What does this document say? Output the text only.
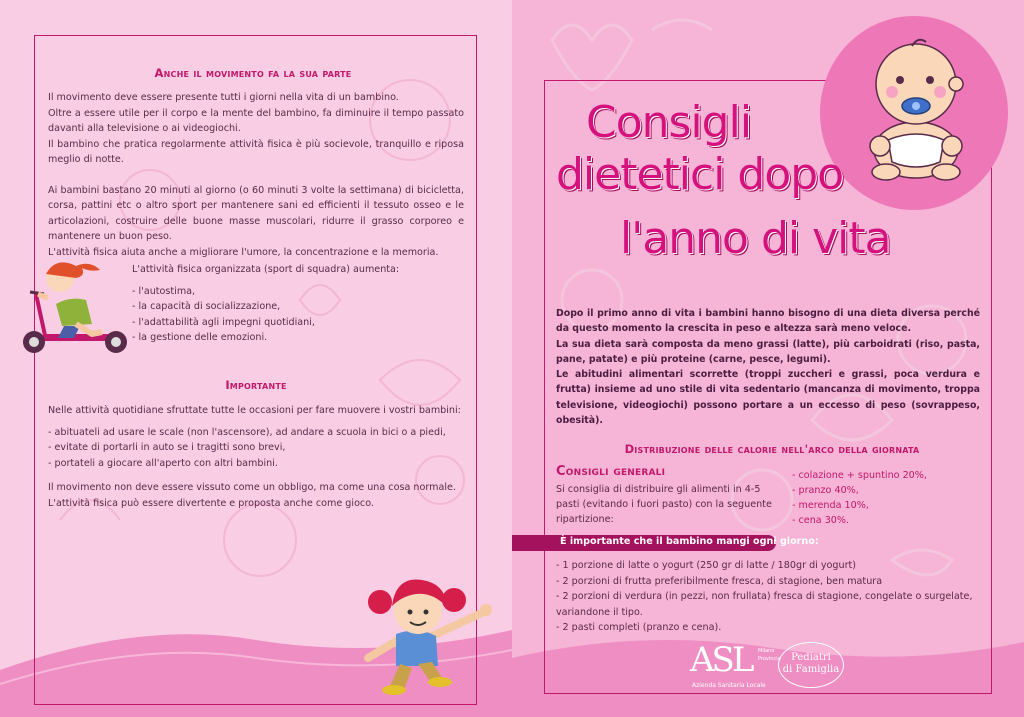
Anche il movimento fa la sua parte

Il movimento deve essere presente tutti i giorni nella vita di un bambino.

Oltre a essere utile per il corpo e la mente del bambino, fa diminuire il tempo passato davanti alla televisione o ai videogiochi.

Il bambino che pratica regolarmente attività fisica è più socievole, tranquillo e riposa meglio di notte.

Ai bambini bastano 20 minuti al giorno (o 60 minuti 3 volte la settimana) di bicicletta, corsa, pattini etc o altro sport per mantenere sani ed efficienti il tessuto osseo e le articolazioni, costruire delle buone masse muscolari, ridurre il grasso corporeo e mantenere un buon peso.

L'attività fisica aiuta anche a migliorare l'umore, la concentrazione e la memoria.

L'attività fisica organizzata (sport di squadra) aumenta:

- l'autostima,
- la capacità di socializzazione,
- l'adattabilità agli impegni quotidiani,
- la gestione delle emozioni.
Importante

Nelle attività quotidiane sfruttate tutte le occasioni per fare muovere i vostri bambini:

- abituateli ad usare le scale (non l'ascensore), ad andare a scuola in bici o a piedi,
- evitate di portarli in auto se i tragitti sono brevi,
- portateli a giocare all'aperto con altri bambini.

Il movimento non deve essere vissuto come un obbligo, ma come una cosa normale.

L'attività fisica può essere divertente e proposta anche come gioco.

Consigli
dietetici dopo
l'anno di vita

Dopo il primo anno di vita i bambini hanno bisogno di una dieta diversa perché da questo momento la crescita in peso e altezza sarà meno veloce.

La sua dieta sarà composta da meno grassi (latte), più carboidrati (riso, pasta, pane, patate) e più proteine (carne, pesce, legumi).

Le abitudini alimentari scorrette (troppi zuccheri e grassi, poca verdura e frutta) insieme ad uno stile di vita sedentario (mancanza di movimento, troppa televisione, videogiochi) possono portare a un eccesso di peso (sovrappeso, obesità).

Distribuzione delle calorie nell'arco della giornata
Consigli generali
Si consiglia di distribuire gli alimenti in 4-5 pasti (evitando i fuori pasto) con la seguente ripartizione:
- colazione + spuntino 20%,
- pranzo 40%,
- merenda 10%,
- cena 30%.
È importante che il bambino mangi ogni giorno:
- 1 porzione di latte o yogurt (250 gr di latte / 180gr di yogurt)
- 2 porzioni di frutta preferibilmente fresca, di stagione, ben matura
- 2 porzioni di verdura (in pezzi, non frullata) fresca di stagione, congelate o surgelate, variandone il tipo.
- 2 pasti completi (pranzo e cena).
ASL Milano
Provincia
Azienda Sanitaria Locale
Pediatri
di Famiglia
